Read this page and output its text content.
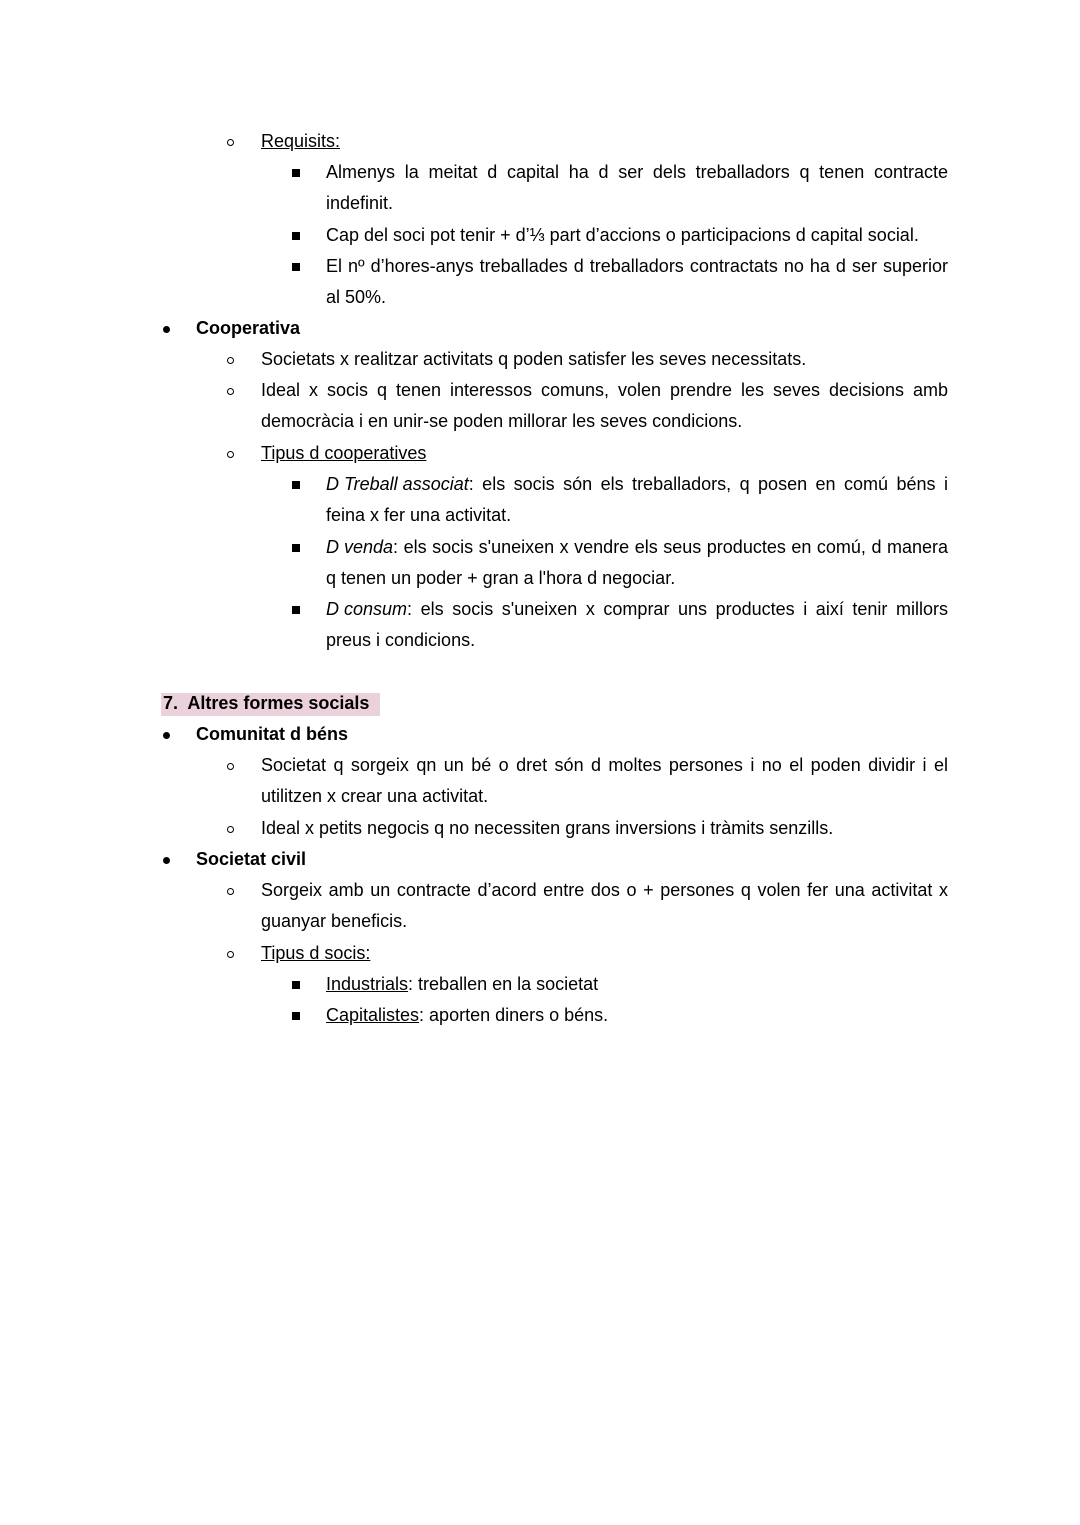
Requisits:
Almenys la meitat d capital ha d ser dels treballadors q tenen contracte
indefinit.
Cap del soci pot tenir + d’⅓ part d’accions o participacions d capital social.
El nº d’hores-anys treballades d treballadors contractats no ha d ser superior
al 50%.
Cooperativa
Societats x realitzar activitats q poden satisfer les seves necessitats.
Ideal x socis q tenen interessos comuns, volen prendre les seves decisions amb
democràcia i en unir-se poden millorar les seves condicions.
Tipus d cooperatives
D Treball associat : els socis són els treballadors, q posen en comú béns i
feina x fer una activitat.
D venda : els socis s'uneixen x vendre els seus productes en comú, d manera
q tenen un poder + gran a l'hora d negociar.
D consum : els socis s'uneixen x comprar uns productes i així tenir millors
preus i condicions.
7.  Altres formes socials
Comunitat d béns
Societat q sorgeix qn un bé o dret són d moltes persones i no el poden dividir i el
utilitzen x crear una activitat.
Ideal x petits negocis q no necessiten grans inversions i tràmits senzills.
Societat civil
Sorgeix amb un contracte d’acord entre dos o + persones q volen fer una activitat x
guanyar beneficis.
Tipus d socis:
Industrials: treballen en la societat
Capitalistes: aporten diners o béns.
